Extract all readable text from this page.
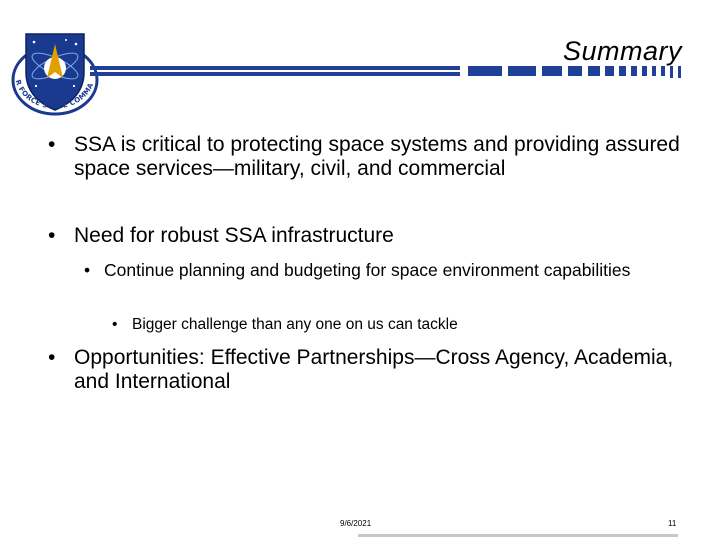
R FORCE SPACE COMMA
Summary
• SSA is critical to protecting space systems and providing assured space services—military, civil, and commercial
• Need for robust SSA infrastructure
• Continue planning and budgeting for space environment capabilities
• Bigger challenge than any one on us can tackle
• Opportunities: Effective Partnerships—Cross Agency, Academia, and International
9/6/2021	11
